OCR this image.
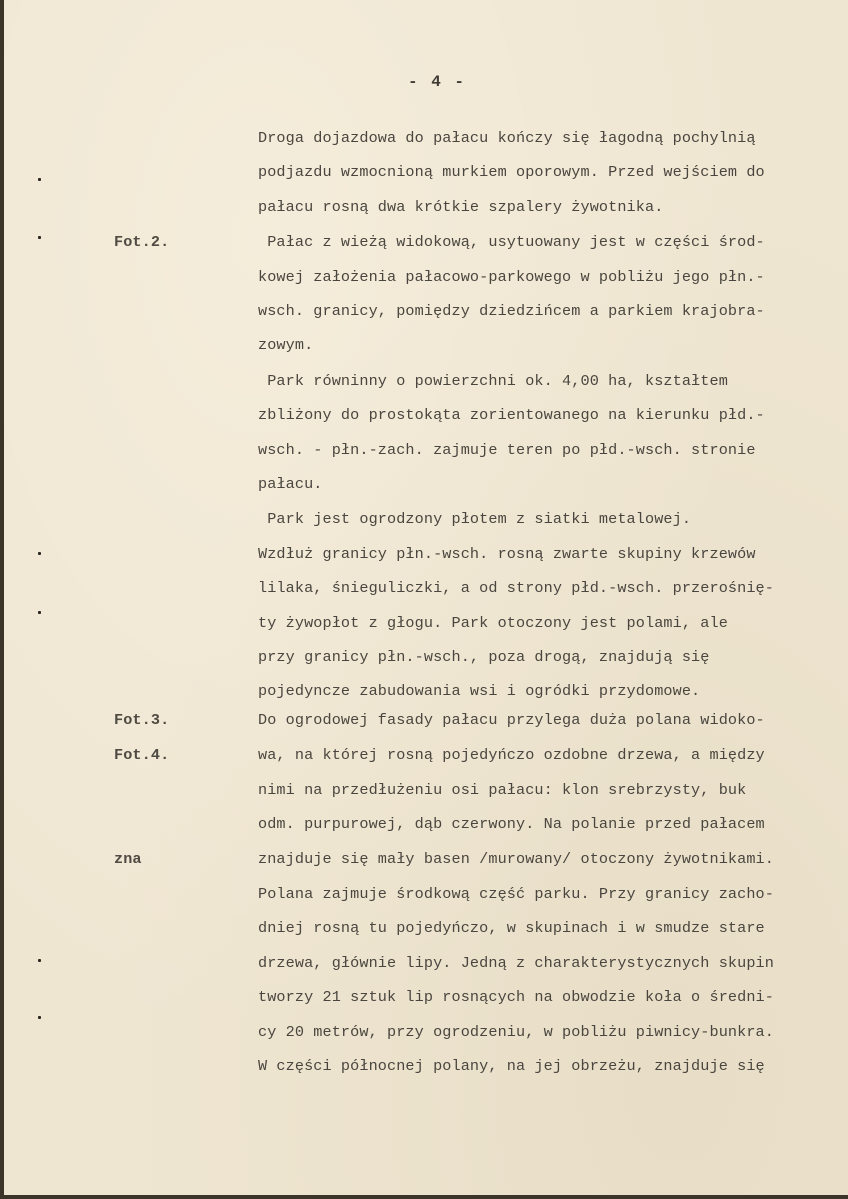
- 4 -
Fot.2.
Fot.3.
Fot.4.
zna
Droga dojazdowa do pałacu kończy się łagodną pochylnią
podjazdu wzmocnioną murkiem oporowym. Przed wejściem do
pałacu rosną dwa krótkie szpalery żywotnika.
Pałac z wieżą widokową, usytuowany jest w części środ-
kowej założenia pałacowo-parkowego w pobliżu jego płn.-
wsch. granicy, pomiędzy dziedzińcem a parkiem krajobra-
zowym.
Park równinny o powierzchni ok. 4,00 ha, kształtem
zbliżony do prostokąta zorientowanego na kierunku płd.-
wsch. - płn.-zach. zajmuje teren po płd.-wsch. stronie
pałacu.
Park jest ogrodzony płotem z siatki metalowej.
Wzdłuż granicy płn.-wsch. rosną zwarte skupiny krzewów
lilaka, śnieguliczki, a od strony płd.-wsch. przerośnię-
ty żywopłot z głogu. Park otoczony jest polami, ale
przy granicy płn.-wsch., poza drogą, znajdują się
pojedyncze zabudowania wsi i ogródki przydomowe.
Do ogrodowej fasady pałacu przylega duża polana widoko-
wa, na której rosną pojedyńczo ozdobne drzewa, a między
nimi na przedłużeniu osi pałacu: klon srebrzysty, buk
odm. purpurowej, dąb czerwony. Na polanie przed pałacem
znajduje się mały basen /murowany/ otoczony żywotnikami.
Polana zajmuje środkową część parku. Przy granicy zacho-
dniej rosną tu pojedyńczo, w skupinach i w smudze stare
drzewa, głównie lipy. Jedną z charakterystycznych skupin
tworzy 21 sztuk lip rosnących na obwodzie koła o średni-
cy 20 metrów, przy ogrodzeniu, w pobliżu piwnicy-bunkra.
W części północnej polany, na jej obrzeżu, znajduje się
